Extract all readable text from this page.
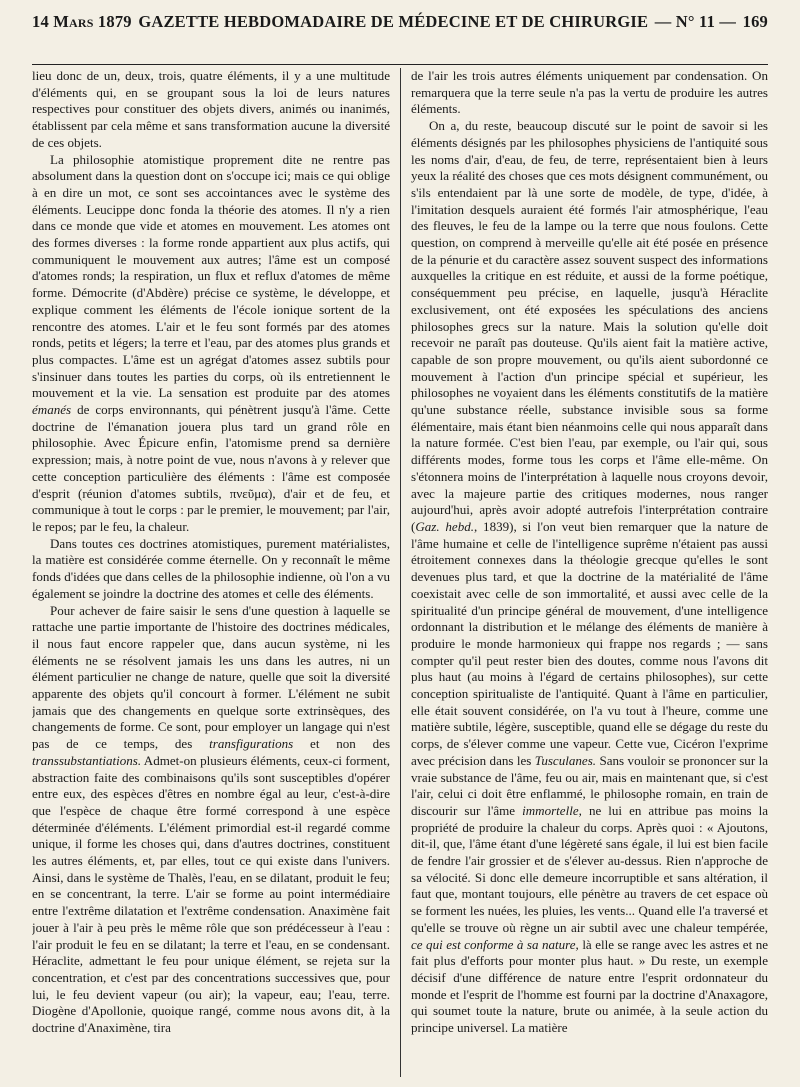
14 Mars 1879 GAZETTE HEBDOMADAIRE DE MÉDECINE ET DE CHIRURGIE — N° 11 — 169

lieu donc de un, deux, trois, quatre éléments, il y a une multitude d'éléments qui, en se groupant sous la loi de leurs natures respectives pour constituer des objets divers, animés ou inanimés, établissent par cela même et sans transformation aucune la diversité de ces objets.

La philosophie atomistique proprement dite ne rentre pas absolument dans la question dont on s'occupe ici; mais ce qui oblige à en dire un mot, ce sont ses accointances avec le système des éléments. Leucippe donc fonda la théorie des atomes. Il n'y a rien dans ce monde que vide et atomes en mouvement. Les atomes ont des formes diverses : la forme ronde appartient aux plus actifs, qui communiquent le mouvement aux autres; l'âme est un composé d'atomes ronds; la respiration, un flux et reflux d'atomes de même forme. Démocrite (d'Abdère) précise ce système, le développe, et explique comment les éléments de l'école ionique sortent de la rencontre des atomes. L'air et le feu sont formés par des atomes ronds, petits et légers; la terre et l'eau, par des atomes plus grands et plus compactes. L'âme est un agrégat d'atomes assez subtils pour s'insinuer dans toutes les parties du corps, où ils entretiennent le mouvement et la vie. La sensation est produite par des atomes émanés de corps environnants, qui pénètrent jusqu'à l'âme. Cette doctrine de l'émanation jouera plus tard un grand rôle en philosophie. Avec Épicure enfin, l'atomisme prend sa dernière expression; mais, à notre point de vue, nous n'avons à y relever que cette conception particulière des éléments : l'âme est composée d'esprit (réunion d'atomes subtils, πνεῦμα), d'air et de feu, et communique à tout le corps : par le premier, le mouvement; par l'air, le repos; par le feu, la chaleur.

Dans toutes ces doctrines atomistiques, purement matérialistes, la matière est considérée comme éternelle. On y reconnaît le même fonds d'idées que dans celles de la philosophie indienne, où l'on a vu également se joindre la doctrine des atomes et celle des éléments.

Pour achever de faire saisir le sens d'une question à laquelle se rattache une partie importante de l'histoire des doctrines médicales, il nous faut encore rappeler que, dans aucun système, ni les éléments ne se résolvent jamais les uns dans les autres, ni un élément particulier ne change de nature, quelle que soit la diversité apparente des objets qu'il concourt à former. L'élément ne subit jamais que des changements en quelque sorte extrinsèques, des changements de forme. Ce sont, pour employer un langage qui n'est pas de ce temps, des transfigurations et non des transsubstantiations. Admet-on plusieurs éléments, ceux-ci forment, abstraction faite des combinaisons qu'ils sont susceptibles d'opérer entre eux, des espèces d'êtres en nombre égal au leur, c'est-à-dire que l'espèce de chaque être formé correspond à une espèce déterminée d'éléments. L'élément primordial est-il regardé comme unique, il forme les choses qui, dans d'autres doctrines, constituent les autres éléments, et, par elles, tout ce qui existe dans l'univers. Ainsi, dans le système de Thalès, l'eau, en se dilatant, produit le feu; en se concentrant, la terre. L'air se forme au point intermédiaire entre l'extrême dilatation et l'extrême condensation. Anaximène fait jouer à l'air à peu près le même rôle que son prédécesseur à l'eau : l'air produit le feu en se dilatant; la terre et l'eau, en se condensant. Héraclite, admettant le feu pour unique élément, se rejeta sur la concentration, et c'est par des concentrations successives que, pour lui, le feu devient vapeur (ou air); la vapeur, eau; l'eau, terre. Diogène d'Apollonie, quoique rangé, comme nous avons dit, à la doctrine d'Anaximène, tira

de l'air les trois autres éléments uniquement par condensation. On remarquera que la terre seule n'a pas la vertu de produire les autres éléments.

On a, du reste, beaucoup discuté sur le point de savoir si les éléments désignés par les philosophes physiciens de l'antiquité sous les noms d'air, d'eau, de feu, de terre, représentaient bien à leurs yeux la réalité des choses que ces mots désignent communément, ou s'ils entendaient par là une sorte de modèle, de type, d'idée, à l'imitation desquels auraient été formés l'air atmosphérique, l'eau des fleuves, le feu de la lampe ou la terre que nous foulons. Cette question, on comprend à merveille qu'elle ait été posée en présence de la pénurie et du caractère assez souvent suspect des informations auxquelles la critique en est réduite, et aussi de la forme poétique, conséquemment peu précise, en laquelle, jusqu'à Héraclite exclusivement, ont été exposées les spéculations des anciens philosophes grecs sur la nature. Mais la solution qu'elle doit recevoir ne paraît pas douteuse. Qu'ils aient fait la matière active, capable de son propre mouvement, ou qu'ils aient subordonné ce mouvement à l'action d'un principe spécial et supérieur, les philosophes ne voyaient dans les éléments constitutifs de la matière qu'une substance réelle, substance invisible sous sa forme élémentaire, mais étant bien néanmoins celle qui nous apparaît dans la nature formée. C'est bien l'eau, par exemple, ou l'air qui, sous différents modes, forme tous les corps et l'âme elle-même. On s'étonnera moins de l'interprétation à laquelle nous croyons devoir, avec la majeure partie des critiques modernes, nous ranger aujourd'hui, après avoir adopté autrefois l'interprétation contraire (Gaz. hebd., 1839), si l'on veut bien remarquer que la nature de l'âme humaine et celle de l'intelligence suprême n'étaient pas aussi étroitement connexes dans la théologie grecque qu'elles le sont devenues plus tard, et que la doctrine de la matérialité de l'âme coexistait avec celle de son immortalité, et aussi avec celle de la spiritualité d'un principe général de mouvement, d'une intelligence ordonnant la distribution et le mélange des éléments de manière à produire le monde harmonieux qui frappe nos regards ; — sans compter qu'il peut rester bien des doutes, comme nous l'avons dit plus haut (au moins à l'égard de certains philosophes), sur cette conception spiritualiste de l'antiquité. Quant à l'âme en particulier, elle était souvent considérée, on l'a vu tout à l'heure, comme une matière subtile, légère, susceptible, quand elle se dégage du reste du corps, de s'élever comme une vapeur. Cette vue, Cicéron l'exprime avec précision dans les Tusculanes. Sans vouloir se prononcer sur la vraie substance de l'âme, feu ou air, mais en maintenant que, si c'est l'air, celui ci doit être enflammé, le philosophe romain, en train de discourir sur l'âme immortelle, ne lui en attribue pas moins la propriété de produire la chaleur du corps. Après quoi : « Ajoutons, dit-il, que, l'âme étant d'une légèreté sans égale, il lui est bien facile de fendre l'air grossier et de s'élever au-dessus. Rien n'approche de sa vélocité. Si donc elle demeure incorruptible et sans altération, il faut que, montant toujours, elle pénètre au travers de cet espace où se forment les nuées, les pluies, les vents... Quand elle l'a traversé et qu'elle se trouve où règne un air subtil avec une chaleur tempérée, ce qui est conforme à sa nature, là elle se range avec les astres et ne fait plus d'efforts pour monter plus haut. » Du reste, un exemple décisif d'une différence de nature entre l'esprit ordonnateur du monde et l'esprit de l'homme est fourni par la doctrine d'Anaxagore, qui soumet toute la nature, brute ou animée, à la seule action du principe universel. La matière
